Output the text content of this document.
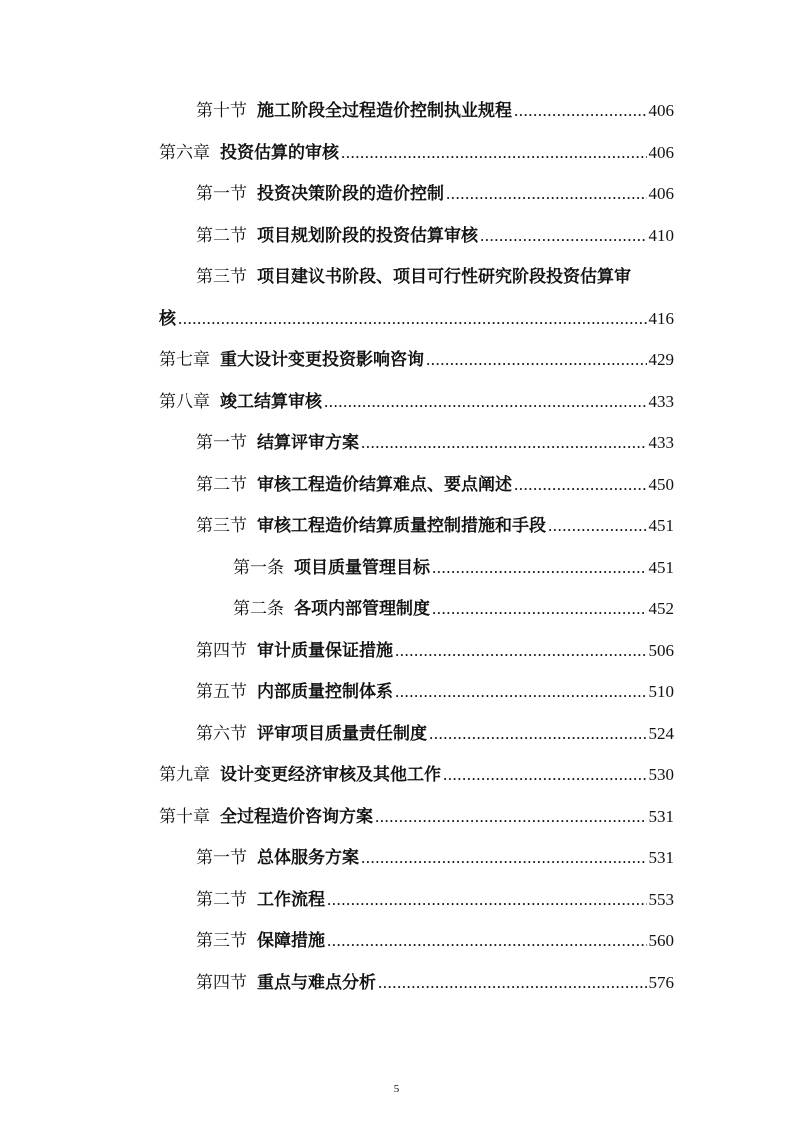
第十节 施工阶段全过程造价控制执业规程 .....	406
第六章 投资估算的审核 .....	406
第一节 投资决策阶段的造价控制 .....	406
第二节 项目规划阶段的投资估算审核 .....	410
第三节 项目建议书阶段、项目可行性研究阶段投资估算审
核 .....	416
第七章 重大设计变更投资影响咨询 .....	429
第八章 竣工结算审核 .....	433
第一节 结算评审方案 .....	433
第二节 审核工程造价结算难点、要点阐述 .....	450
第三节 审核工程造价结算质量控制措施和手段 .....	451
第一条 项目质量管理目标 .....	451
第二条 各项内部管理制度 .....	452
第四节 审计质量保证措施 .....	506
第五节 内部质量控制体系 .....	510
第六节 评审项目质量责任制度 .....	524
第九章 设计变更经济审核及其他工作 .....	530
第十章 全过程造价咨询方案 .....	531
第一节 总体服务方案 .....	531
第二节 工作流程 .....	553
第三节 保障措施 .....	560
第四节 重点与难点分析 .....	576
5
